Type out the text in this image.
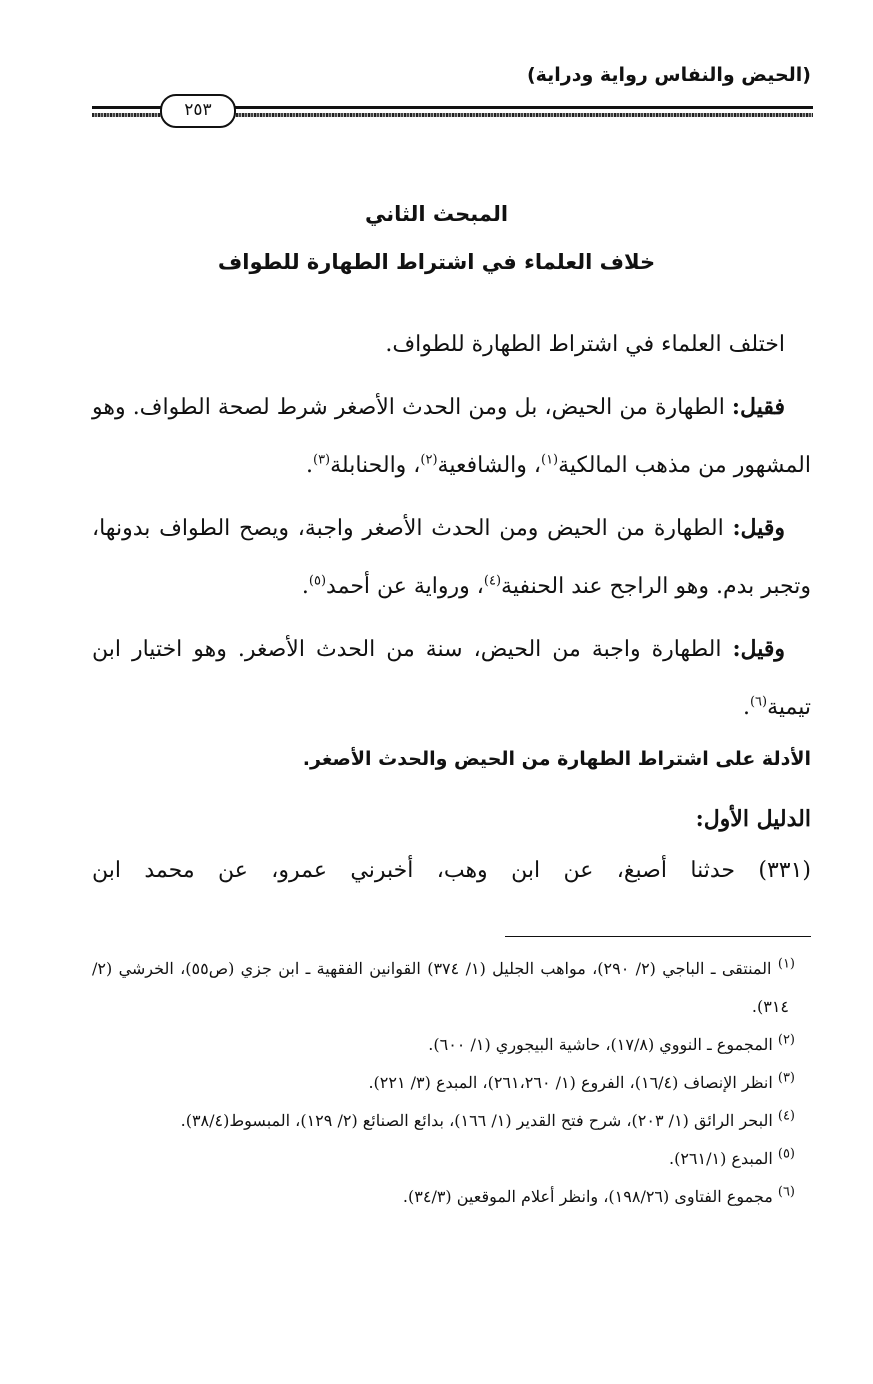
(الحيض والنفاس رواية ودراية)
٢٥٣
المبحث الثاني
خلاف العلماء في اشتراط الطهارة للطواف

اختلف العلماء في اشتراط الطهارة للطواف.

فقيل: الطهارة من الحيض، بل ومن الحدث الأصغر شرط لصحة الطواف. وهو المشهور من مذهب المالكية$^{(١)}$، والشافعية$^{(٢)}$، والحنابلة$^{(٣)}$.

وقيل: الطهارة من الحيض ومن الحدث الأصغر واجبة، ويصح الطواف بدونها، وتجبر بدم. وهو الراجح عند الحنفية$^{(٤)}$، ورواية عن أحمد$^{(٥)}$.

وقيل: الطهارة واجبة من الحيض، سنة من الحدث الأصغر. وهو اختيار ابن تيمية$^{(٦)}$.

الأدلة على اشتراط الطهارة من الحيض والحدث الأصغر.
الدليل الأول:
(٣٣١) حدثنا أصبغ، عن ابن وهب، أخبرني عمرو، عن محمد ابن
$^{(١)}$ المنتقى ـ الباجي (٢/ ٢٩٠)، مواهب الجليل (١/ ٣٧٤) القوانين الفقهية ـ ابن جزي (ص٥٥)، الخرشي (٢/ ٣١٤).
$^{(٢)}$ المجموع ـ النووي (١٧/٨)، حاشية البيجوري (١/ ٦٠٠).
$^{(٣)}$ انظر الإنصاف (١٦/٤)، الفروع (١/ ٢٦١،٢٦٠)، المبدع (٣/ ٢٢١).
$^{(٤)}$ البحر الرائق (١/ ٢٠٣)، شرح فتح القدير (١/ ١٦٦)، بدائع الصنائع (٢/ ١٢٩)، المبسوط(٣٨/٤).
$^{(٥)}$ المبدع (٢٦١/١).
$^{(٦)}$ مجموع الفتاوى (١٩٨/٢٦)، وانظر أعلام الموقعين (٣٤/٣).
